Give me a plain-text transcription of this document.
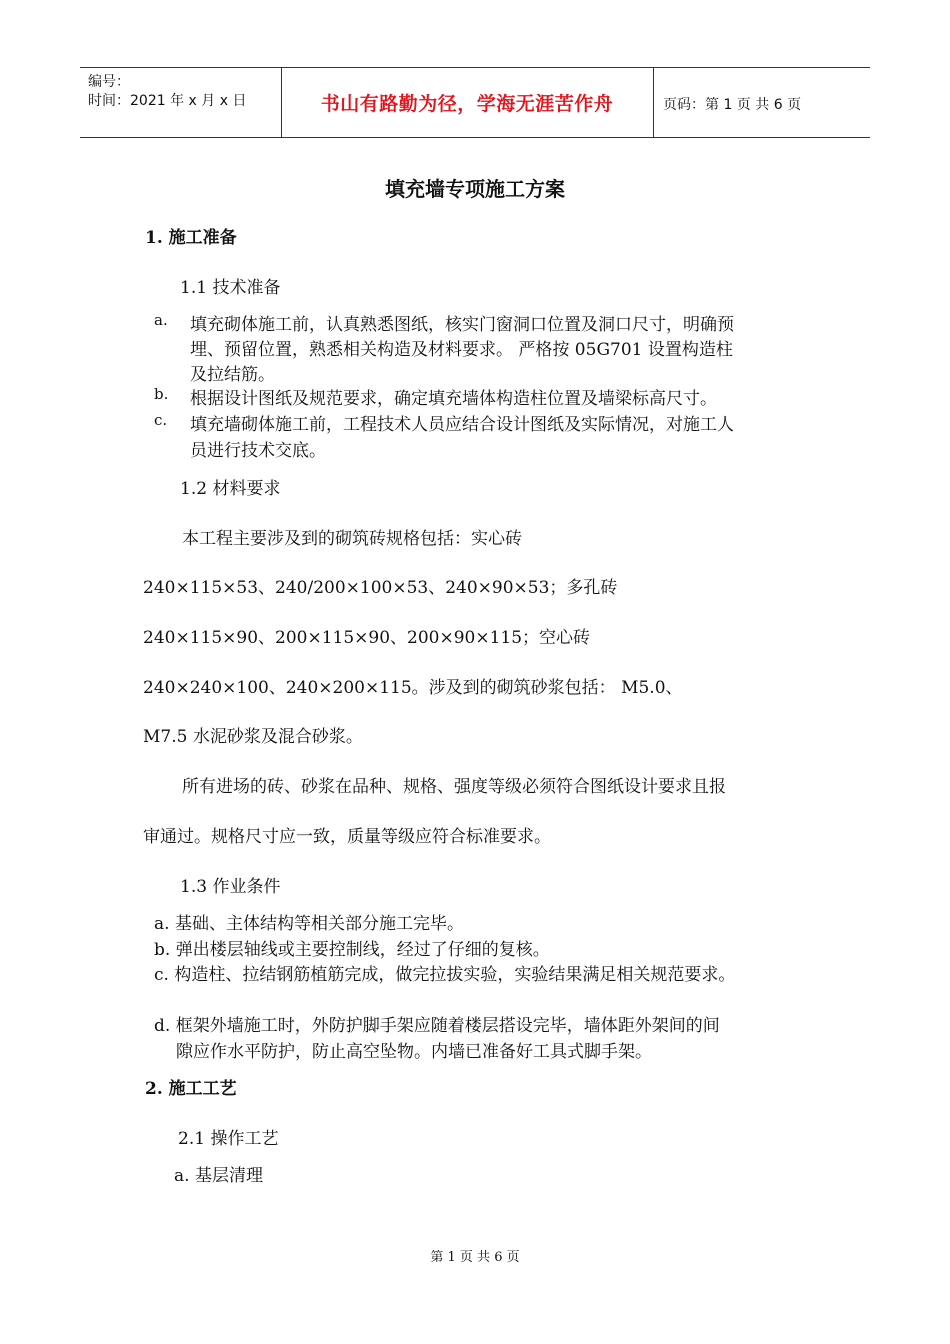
编号：
时间：2021 年 x 月 x 日	书山有路勤为径，学海无涯苦作舟	页码：第 1 页 共 6 页
填充墙专项施工方案
1. 施工准备
1.1 技术准备
a. 填充砌体施工前，认真熟悉图纸，核实门窗洞口位置及洞口尺寸，明确预
埋、预留位置，熟悉相关构造及材料要求。 严格按 05G701 设置构造柱
及拉结筋。
b. 根据设计图纸及规范要求，确定填充墙体构造柱位置及墙梁标高尺寸。
c. 填充墙砌体施工前，工程技术人员应结合设计图纸及实际情况，对施工人
员进行技术交底。
1.2 材料要求
本工程主要涉及到的砌筑砖规格包括：实心砖
240×115×53、240/200×100×53、240×90×53；多孔砖
240×115×90、200×115×90、200×90×115；空心砖
240×240×100、240×200×115。涉及到的砌筑砂浆包括： M5.0、
M7.5 水泥砂浆及混合砂浆。
所有进场的砖、砂浆在品种、规格、强度等级必须符合图纸设计要求且报
审通过。规格尺寸应一致，质量等级应符合标准要求。
1.3 作业条件
a. 基础、主体结构等相关部分施工完毕。
b. 弹出楼层轴线或主要控制线，经过了仔细的复核。
c. 构造柱、拉结钢筋植筋完成，做完拉拔实验，实验结果满足相关规范要求。
d. 框架外墙施工时，外防护脚手架应随着楼层搭设完毕，墙体距外架间的间
隙应作水平防护，防止高空坠物。内墙已准备好工具式脚手架。
2. 施工工艺
2.1 操作工艺
a. 基层清理
第 1 页 共 6 页
